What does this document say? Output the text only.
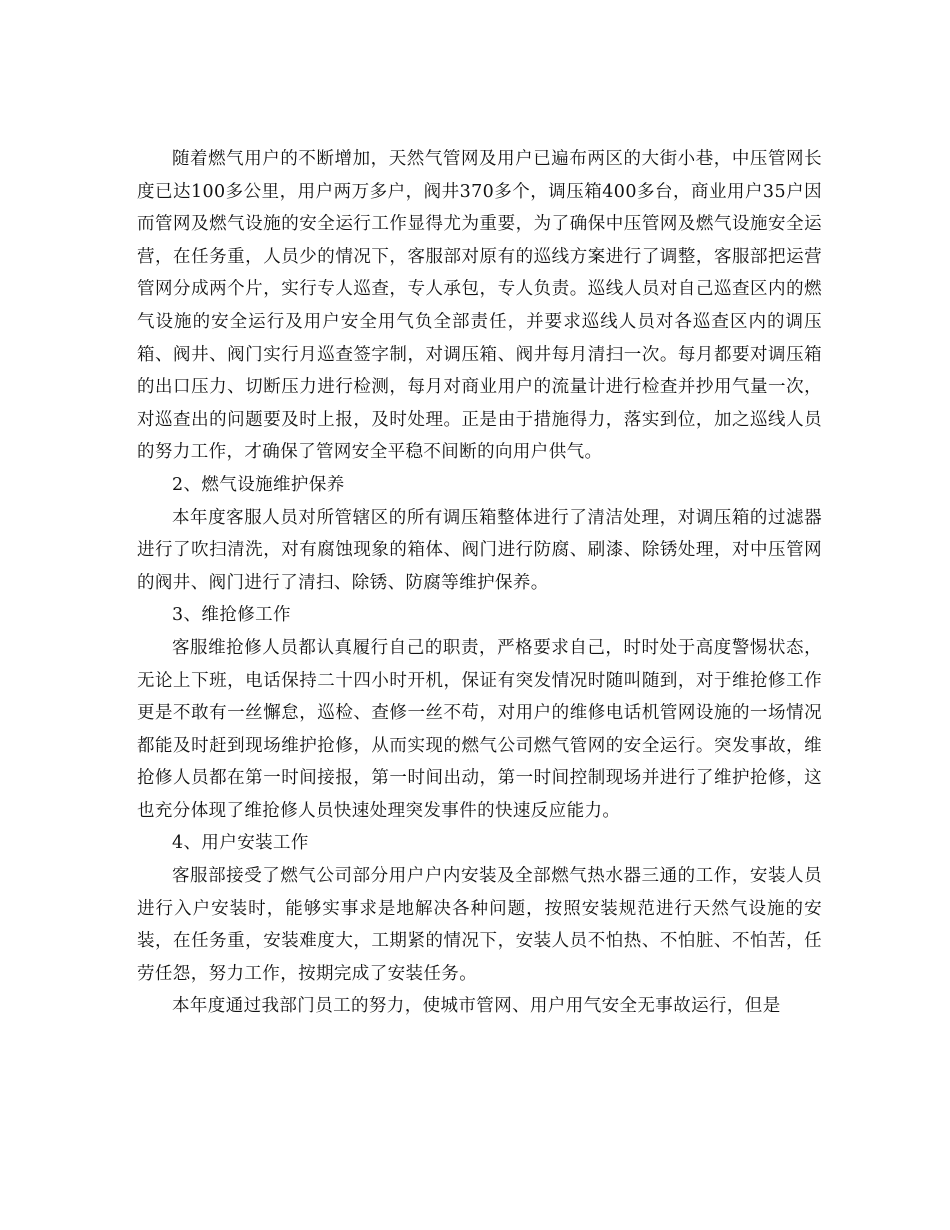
随着燃气用户的不断增加，天然气管网及用户已遍布两区的大街小巷，中压管网长度已达100多公里，用户两万多户，阀井370多个，调压箱400多台，商业用户35户因而管网及燃气设施的安全运行工作显得尤为重要，为了确保中压管网及燃气设施安全运营，在任务重，人员少的情况下，客服部对原有的巡线方案进行了调整，客服部把运营管网分成两个片，实行专人巡查，专人承包，专人负责。巡线人员对自己巡查区内的燃气设施的安全运行及用户安全用气负全部责任，并要求巡线人员对各巡查区内的调压箱、阀井、阀门实行月巡查签字制，对调压箱、阀井每月清扫一次。每月都要对调压箱的出口压力、切断压力进行检测，每月对商业用户的流量计进行检查并抄用气量一次，对巡查出的问题要及时上报，及时处理。正是由于措施得力，落实到位，加之巡线人员的努力工作，才确保了管网安全平稳不间断的向用户供气。

2、燃气设施维护保养

本年度客服人员对所管辖区的所有调压箱整体进行了清洁处理，对调压箱的过滤器进行了吹扫清洗，对有腐蚀现象的箱体、阀门进行防腐、刷漆、除锈处理，对中压管网的阀井、阀门进行了清扫、除锈、防腐等维护保养。

3、维抢修工作

客服维抢修人员都认真履行自己的职责，严格要求自己，时时处于高度警惕状态，无论上下班，电话保持二十四小时开机，保证有突发情况时随叫随到，对于维抢修工作更是不敢有一丝懈怠，巡检、查修一丝不苟，对用户的维修电话机管网设施的一场情况都能及时赶到现场维护抢修，从而实现的燃气公司燃气管网的安全运行。突发事故，维抢修人员都在第一时间接报，第一时间出动，第一时间控制现场并进行了维护抢修，这也充分体现了维抢修人员快速处理突发事件的快速反应能力。

4、用户安装工作

客服部接受了燃气公司部分用户户内安装及全部燃气热水器三通的工作，安装人员进行入户安装时，能够实事求是地解决各种问题，按照安装规范进行天然气设施的安装，在任务重，安装难度大，工期紧的情况下，安装人员不怕热、不怕脏、不怕苦，任劳任怨，努力工作，按期完成了安装任务。

本年度通过我部门员工的努力，使城市管网、用户用气安全无事故运行，但是
